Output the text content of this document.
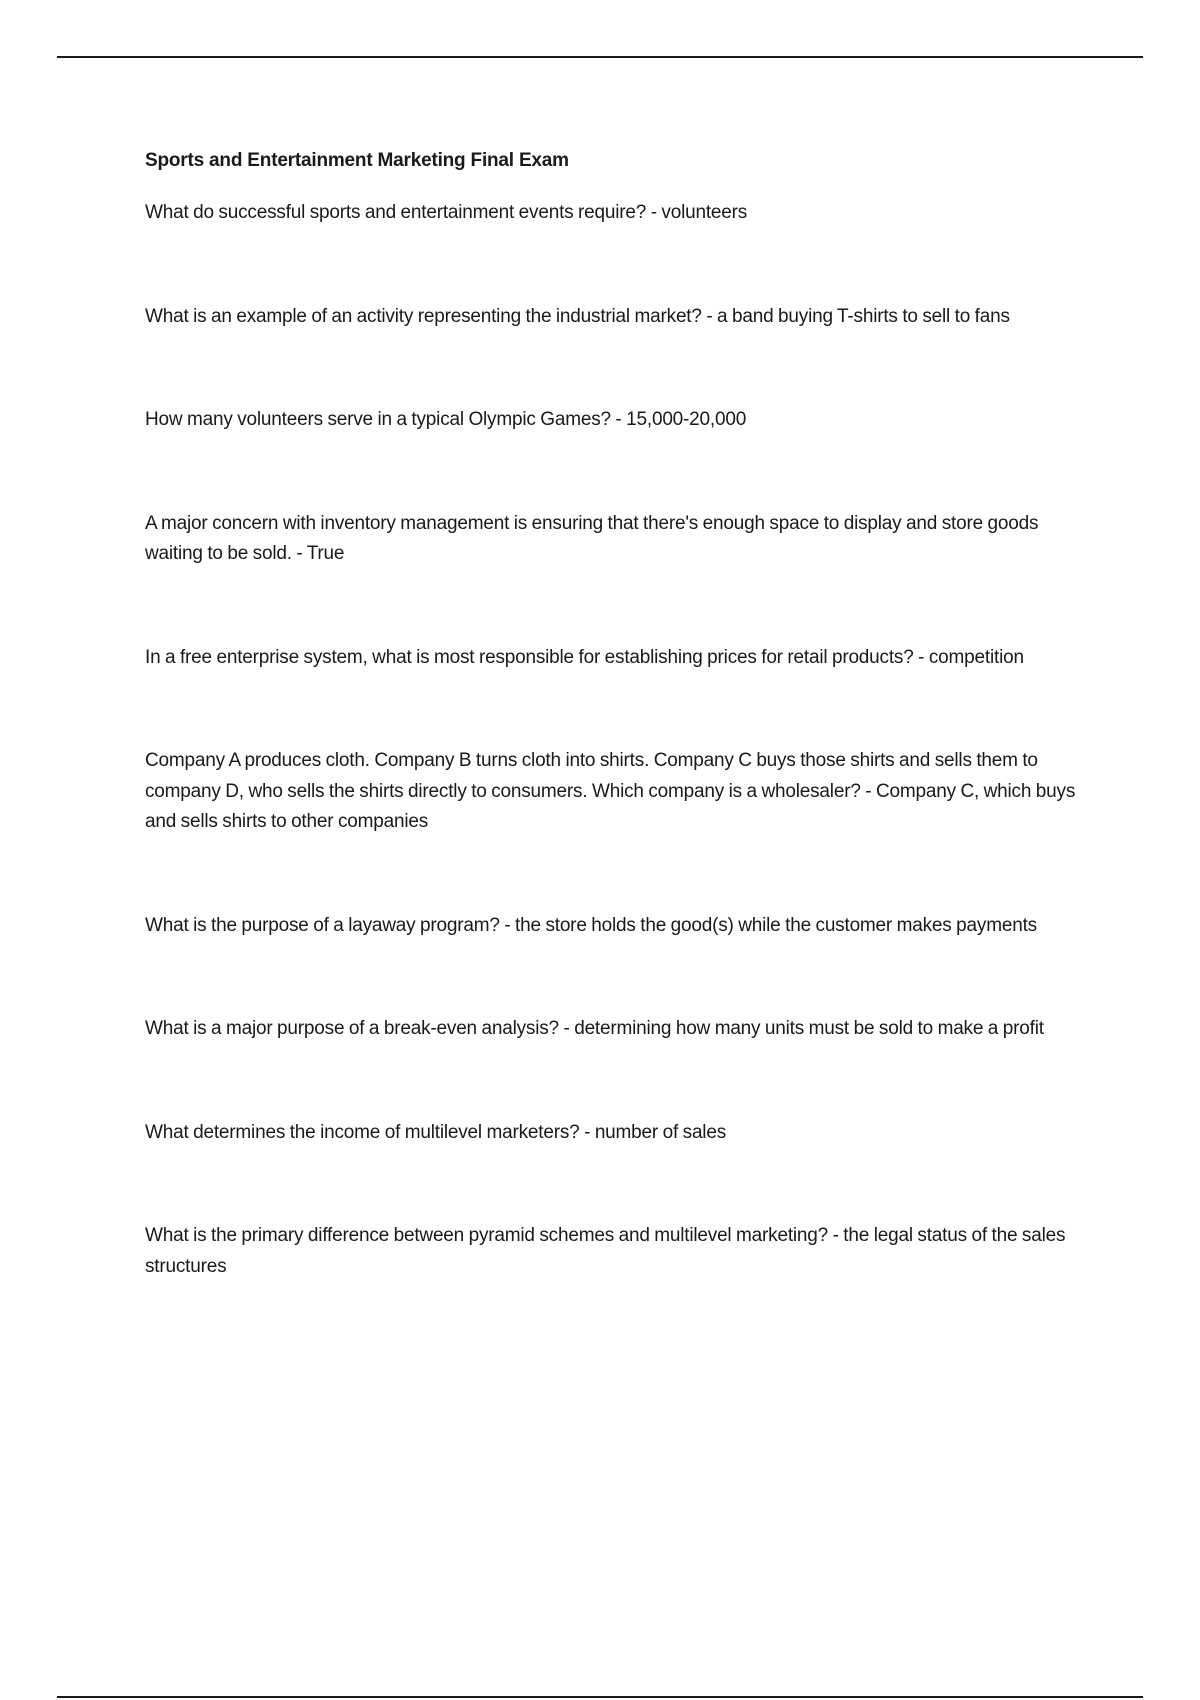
Sports and Entertainment Marketing Final Exam

What do successful sports and entertainment events require? - volunteers

What is an example of an activity representing the industrial market? - a band buying T-shirts to sell to fans

How many volunteers serve in a typical Olympic Games? - 15,000-20,000

A major concern with inventory management is ensuring that there's enough space to display and store goods waiting to be sold. - True

In a free enterprise system, what is most responsible for establishing prices for retail products? - competition

Company A produces cloth. Company B turns cloth into shirts. Company C buys those shirts and sells them to company D, who sells the shirts directly to consumers. Which company is a wholesaler? - Company C, which buys and sells shirts to other companies

What is the purpose of a layaway program? - the store holds the good(s) while the customer makes payments

What is a major purpose of a break-even analysis? - determining how many units must be sold to make a profit

What determines the income of multilevel marketers? - number of sales

What is the primary difference between pyramid schemes and multilevel marketing? - the legal status of the sales structures
